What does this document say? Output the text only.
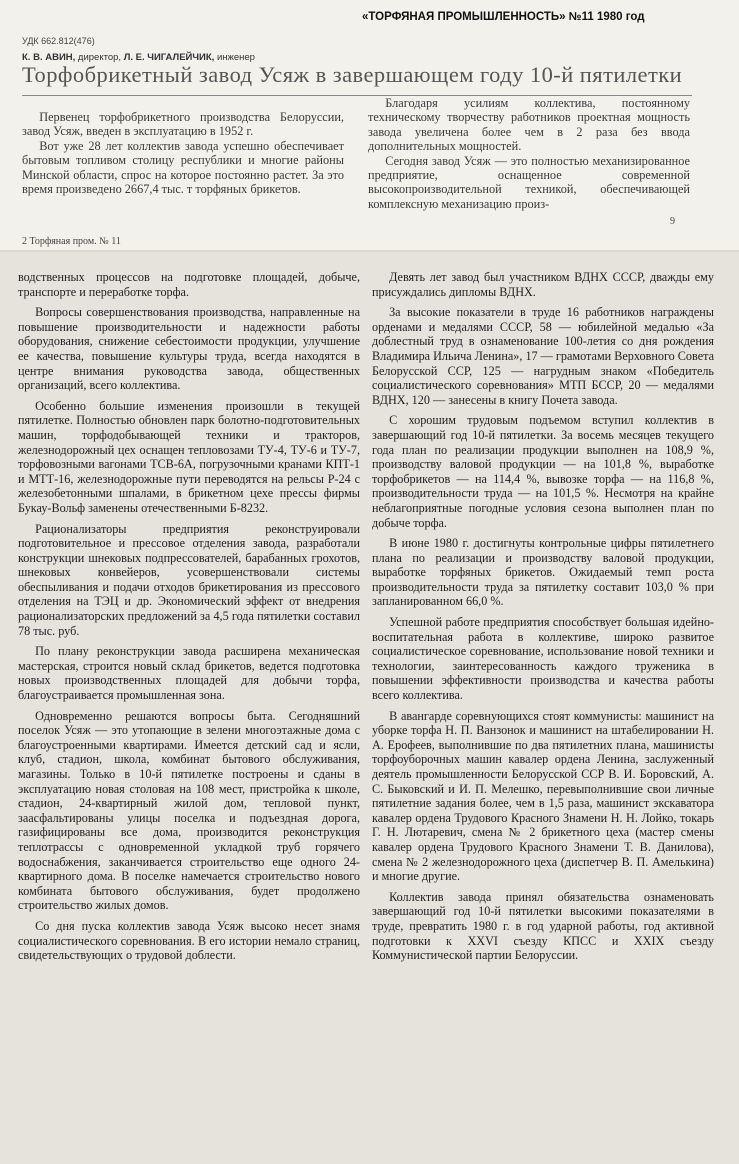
«ТОРФЯНАЯ ПРОМЫШЛЕННОСТЬ» №11 1980 год
УДК 662.812(476)
К. В. АВИН, директор, Л. Е. ЧИГАЛЕЙЧИК, инженер
Торфобрикетный завод Усяж в завершающем году 10-й пятилетки

Первенец торфобрикетного производства Белоруссии, завод Усяж, введен в эксплуатацию в 1952 г.

Вот уже 28 лет коллектив завода успешно обеспечивает бытовым топливом столицу республики и многие районы Минской области, спрос на которое постоянно растет. За это время произведено 2667,4 тыс. т торфяных брикетов.

Благодаря усилиям коллектива, постоянному техническому творчеству работников проектная мощность завода увеличена более чем в 2 раза без ввода дополнительных мощностей.

Сегодня завод Усяж — это полностью механизированное предприятие, оснащенное современной высокопроизводительной техникой, обеспечивающей комплексную механизацию произ-

9
2 Торфяная пром. № 11

водственных процессов на подготовке площадей, добыче, транспорте и переработке торфа.

Вопросы совершенствования производства, направленные на повышение производительности и надежности работы оборудования, снижение себестоимости продукции, улучшение ее качества, повышение культуры труда, всегда находятся в центре внимания руководства завода, общественных организаций, всего коллектива.

Особенно большие изменения произошли в текущей пятилетке. Полностью обновлен парк болотно-подготовительных машин, торфодобывающей техники и тракторов, железнодорожный цех оснащен тепловозами ТУ-4, ТУ-6 и ТУ-7, торфовозными вагонами ТСВ-6А, погрузочными кранами КПТ-1 и МТТ-16, железнодорожные пути переводятся на рельсы Р-24 с железобетонными шпалами, в брикетном цехе прессы фирмы Букау-Вольф заменены отечественными Б-8232.

Рационализаторы предприятия реконструировали подготовительное и прессовое отделения завода, разработали конструкции шнековых подпрессователей, барабанных грохотов, шнековых конвейеров, усовершенствовали системы обеспыливания и подачи отходов брикетирования из прессового отделения на ТЭЦ и др. Экономический эффект от внедрения рационализаторских предложений за 4,5 года пятилетки составил 78 тыс. руб.

По плану реконструкции завода расширена механическая мастерская, строится новый склад брикетов, ведется подготовка новых производственных площадей для добычи торфа, благоустраивается промышленная зона.

Одновременно решаются вопросы быта. Сегодняшний поселок Усяж — это утопающие в зелени многоэтажные дома с благоустроенными квартирами. Имеется детский сад и ясли, клуб, стадион, школа, комбинат бытового обслуживания, магазины. Только в 10-й пятилетке построены и сданы в эксплуатацию новая столовая на 108 мест, пристройка к школе, стадион, 24-квартирный жилой дом, тепловой пункт, заасфальтированы улицы поселка и подъездная дорога, газифицированы все дома, производится реконструкция теплотрассы с одновременной укладкой труб горячего водоснабжения, заканчивается строительство еще одного 24-квартирного дома. В поселке намечается строительство нового комбината бытового обслуживания, будет продолжено строительство жилых домов.

Со дня пуска коллектив завода Усяж высоко несет знамя социалистического соревнования. В его истории немало страниц, свидетельствующих о трудовой доблести.

Девять лет завод был участником ВДНХ СССР, дважды ему присуждались дипломы ВДНХ.

За высокие показатели в труде 16 работников награждены орденами и медалями СССР, 58 — юбилейной медалью «За доблестный труд в ознаменование 100-летия со дня рождения Владимира Ильича Ленина», 17 — грамотами Верховного Совета Белорусской ССР, 125 — нагрудным знаком «Победитель социалистического соревнования» МТП БССР, 20 — медалями ВДНХ, 120 — занесены в книгу Почета завода.

С хорошим трудовым подъемом вступил коллектив в завершающий год 10-й пятилетки. За восемь месяцев текущего года план по реализации продукции выполнен на 108,9 %, производству валовой продукции — на 101,8 %, выработке торфобрикетов — на 114,4 %, вывозке торфа — на 116,8 %, производительности труда — на 101,5 %. Несмотря на крайне неблагоприятные погодные условия сезона выполнен план по добыче торфа.

В июне 1980 г. достигнуты контрольные цифры пятилетнего плана по реализации и производству валовой продукции, выработке торфяных брикетов. Ожидаемый темп роста производительности труда за пятилетку составит 103,0 % при запланированном 66,0 %.

Успешной работе предприятия способствует большая идейно-воспитательная работа в коллективе, широко развитое социалистическое соревнование, использование новой техники и технологии, заинтересованность каждого труженика в повышении эффективности производства и качества работы всего коллектива.

В авангарде соревнующихся стоят коммунисты: машинист на уборке торфа Н. П. Ванзонок и машинист на штабелировании Н. А. Ерофеев, выполнившие по два пятилетних плана, машинисты торфоуборочных машин кавалер ордена Ленина, заслуженный деятель промышленности Белорусской ССР В. И. Боровский, А. С. Быковский и И. П. Мелешко, перевыполнившие свои личные пятилетние задания более, чем в 1,5 раза, машинист экскаватора кавалер ордена Трудового Красного Знамени Н. Н. Лойко, токарь Г. Н. Лютаревич, смена № 2 брикетного цеха (мастер смены кавалер ордена Трудового Красного Знамени Т. В. Данилова), смена № 2 железнодорожного цеха (диспетчер В. П. Амелькина) и многие другие.

Коллектив завода принял обязательства ознаменовать завершающий год 10-й пятилетки высокими показателями в труде, превратить 1980 г. в год ударной работы, год активной подготовки к XXVI съезду КПСС и XXIX съезду Коммунистической партии Белоруссии.
